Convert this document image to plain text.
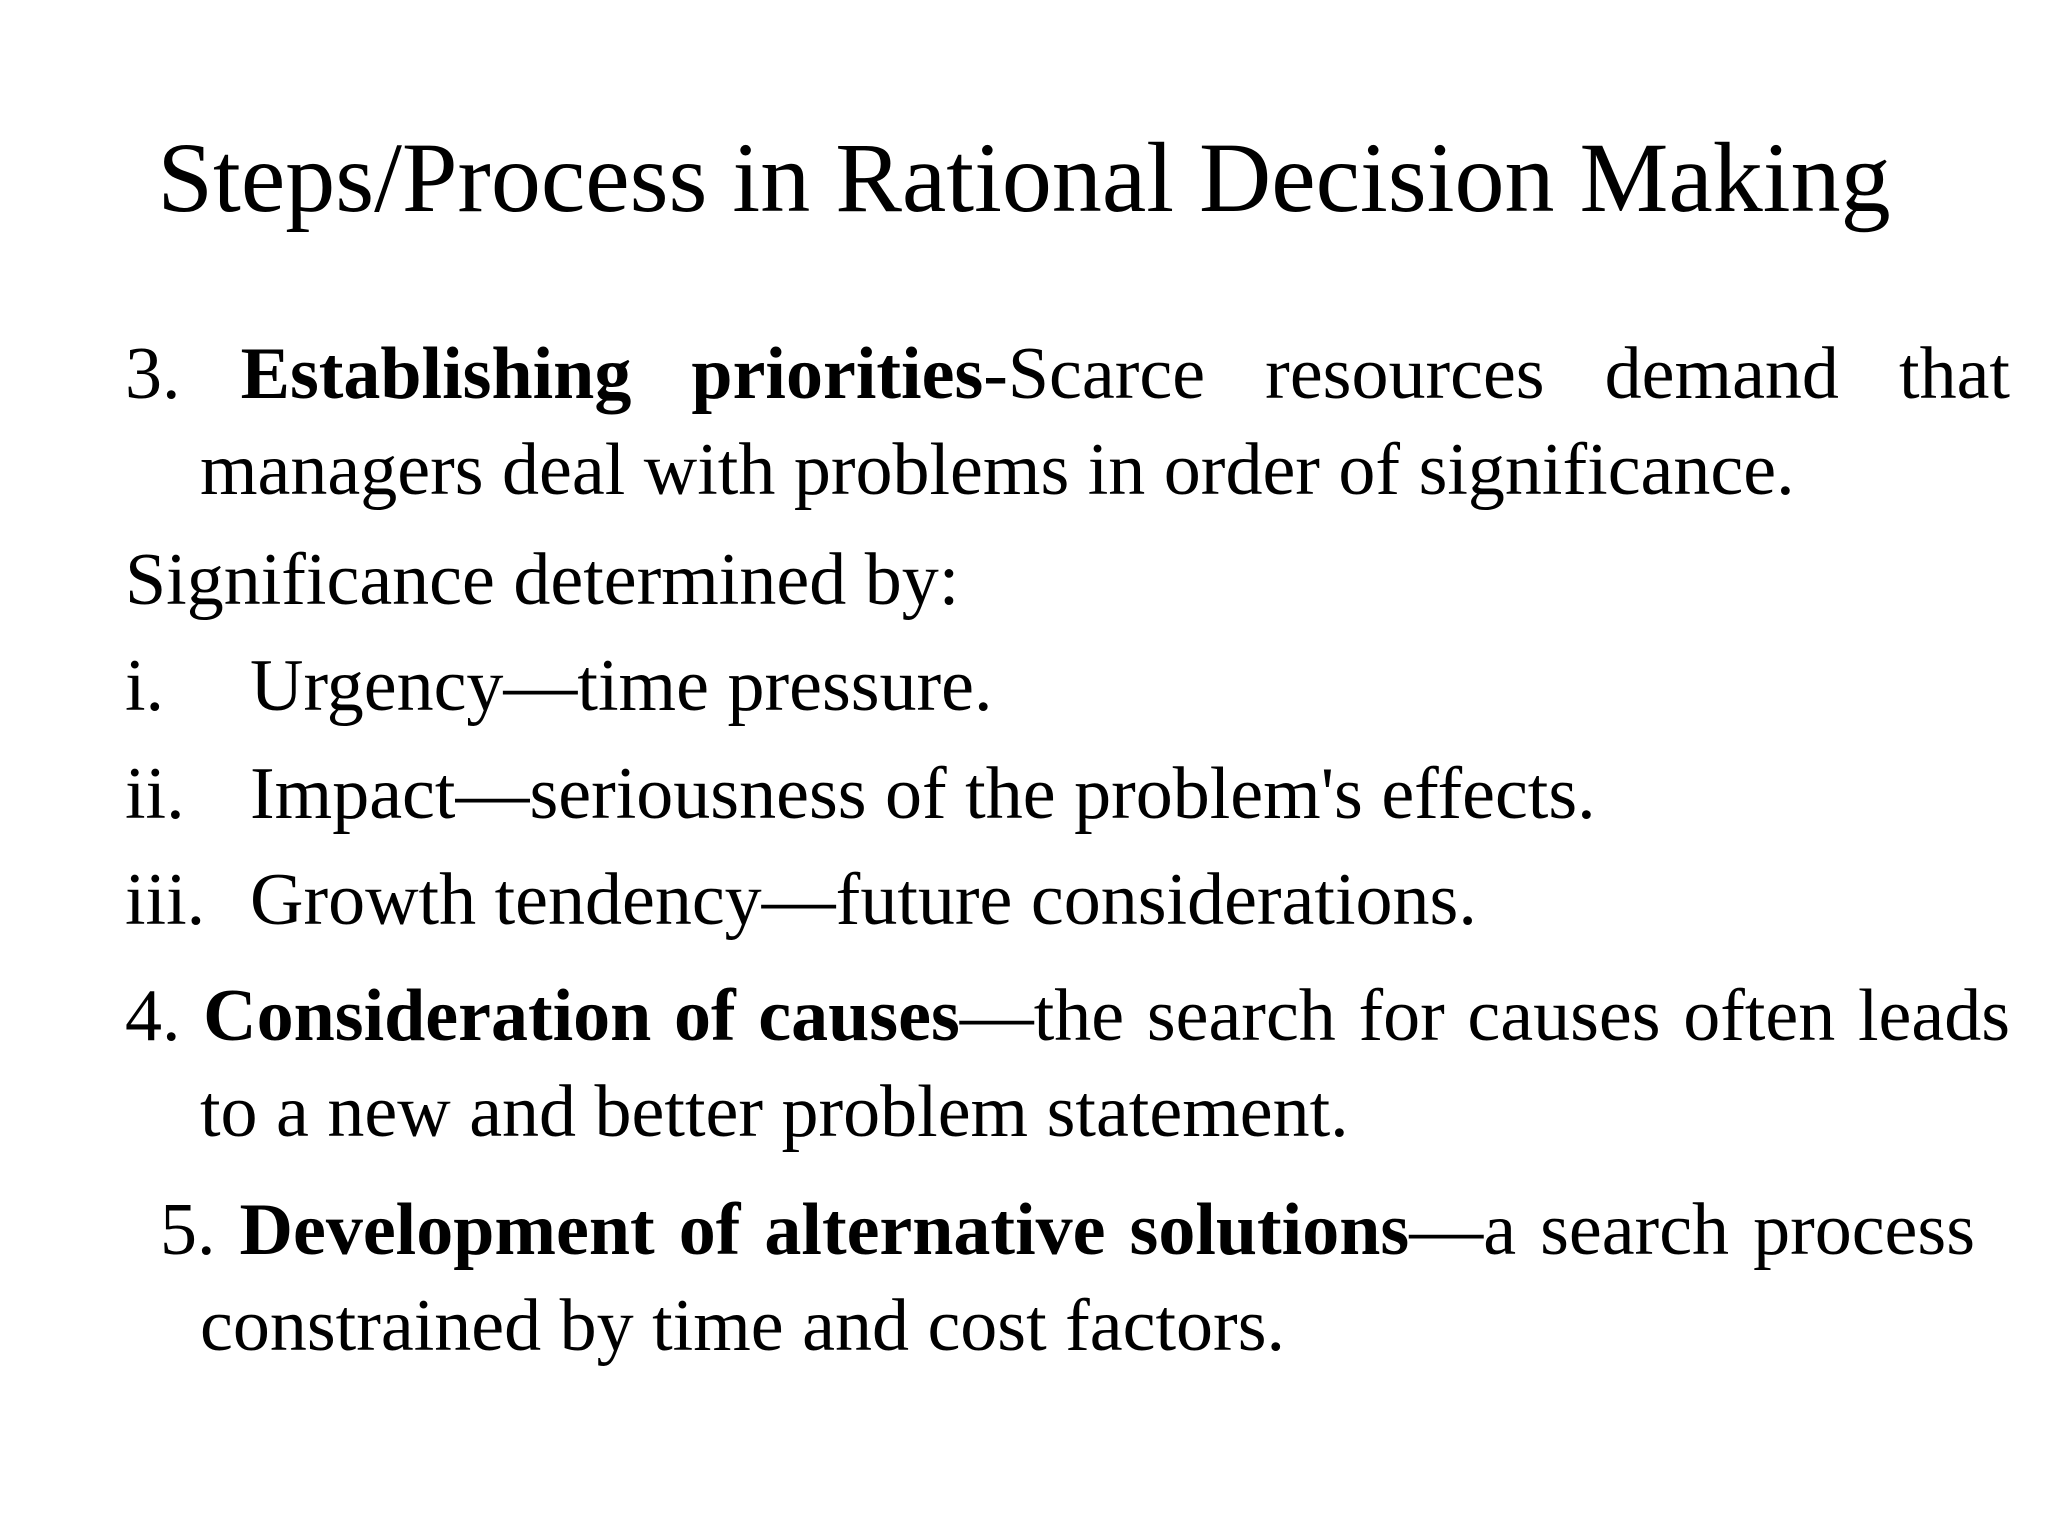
Steps/Process in Rational Decision Making
3. Establishing priorities-Scarce resources demand that managers deal with problems in order of significance.
Significance determined by:
i. Urgency—time pressure.
ii. Impact—seriousness of the problem's effects.
iii. Growth tendency—future considerations.
4. Consideration of causes—the search for causes often leads to a new and better problem statement.
5. Development of alternative solutions—a search process constrained by time and cost factors.
